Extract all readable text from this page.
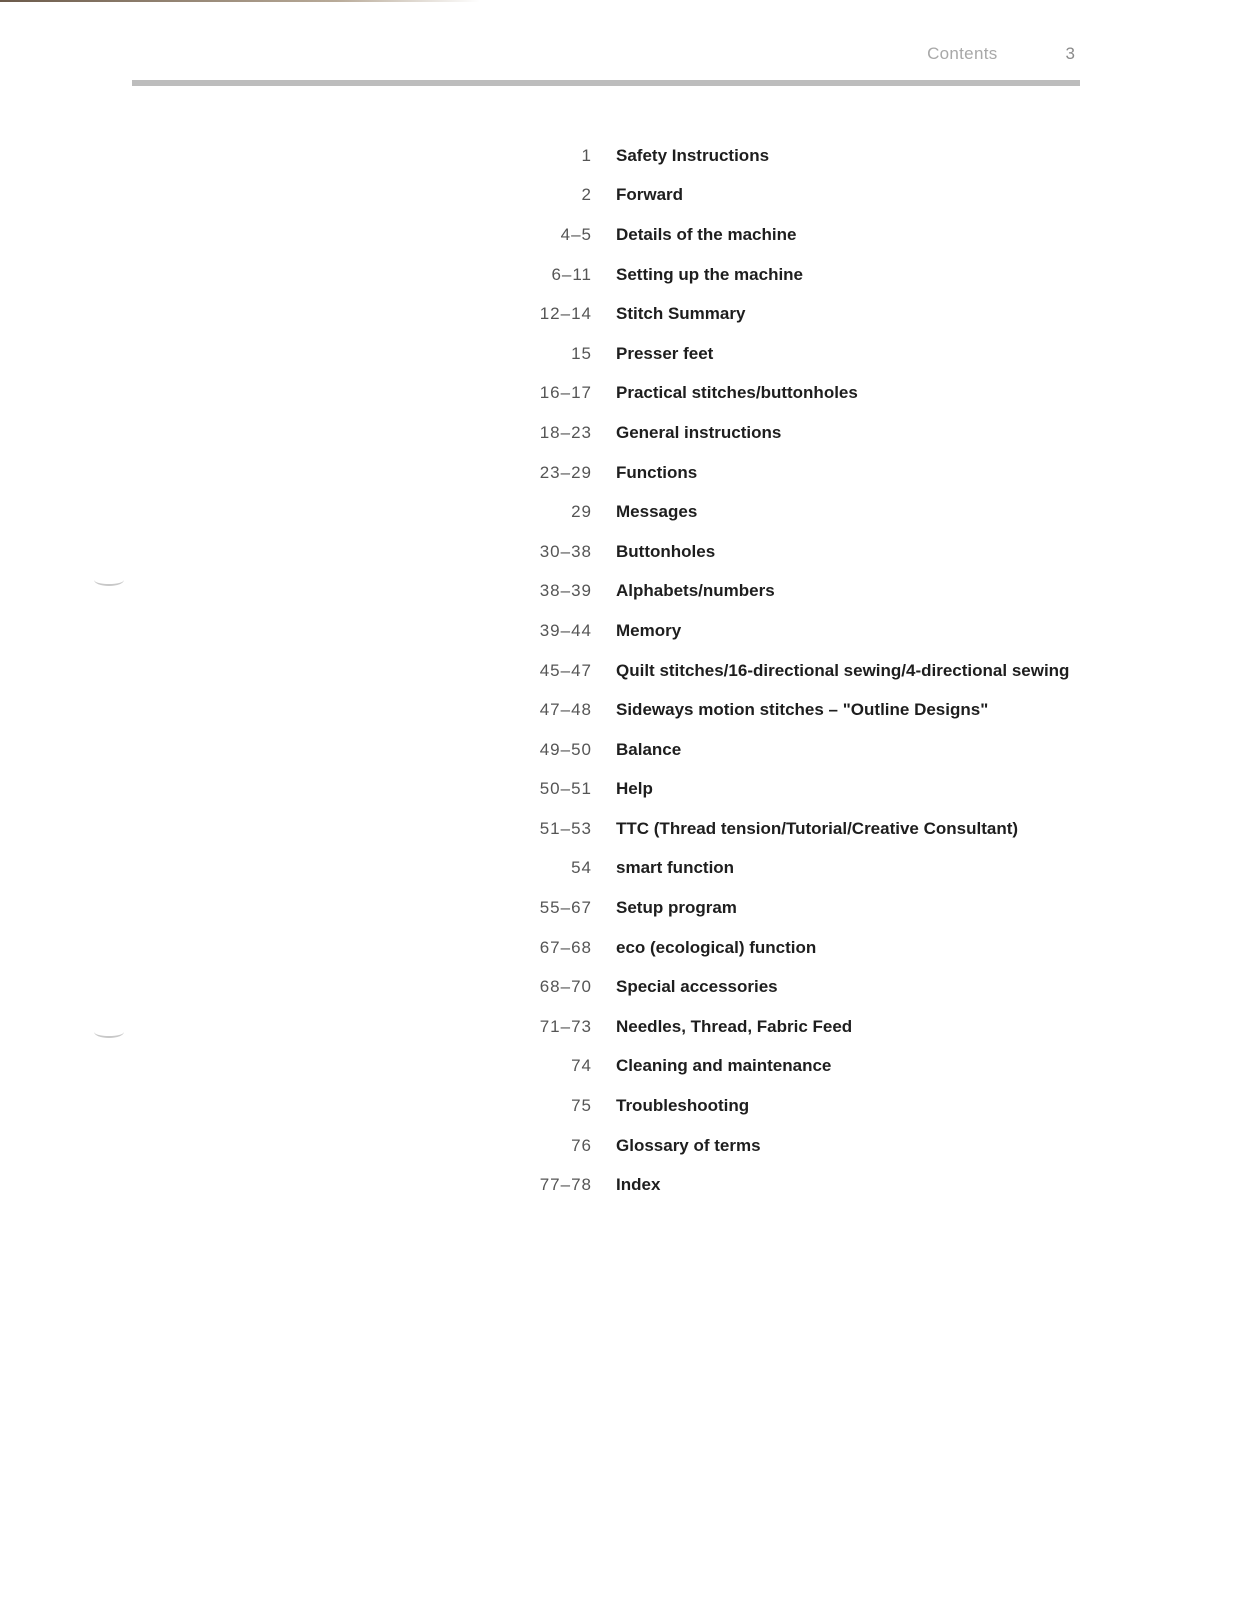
Contents	3
1 Safety Instructions
2 Forward
4–5 Details of the machine
6–11 Setting up the machine
12–14 Stitch Summary
15 Presser feet
16–17 Practical stitches/buttonholes
18–23 General instructions
23–29 Functions
29 Messages
30–38 Buttonholes
38–39 Alphabets/numbers
39–44 Memory
45–47 Quilt stitches/16-directional sewing/4-directional sewing
47–48 Sideways motion stitches – "Outline Designs"
49–50 Balance
50–51 Help
51–53 TTC (Thread tension/Tutorial/Creative Consultant)
54 smart function
55–67 Setup program
67–68 eco (ecological) function
68–70 Special accessories
71–73 Needles, Thread, Fabric Feed
74 Cleaning and maintenance
75 Troubleshooting
76 Glossary of terms
77–78 Index
